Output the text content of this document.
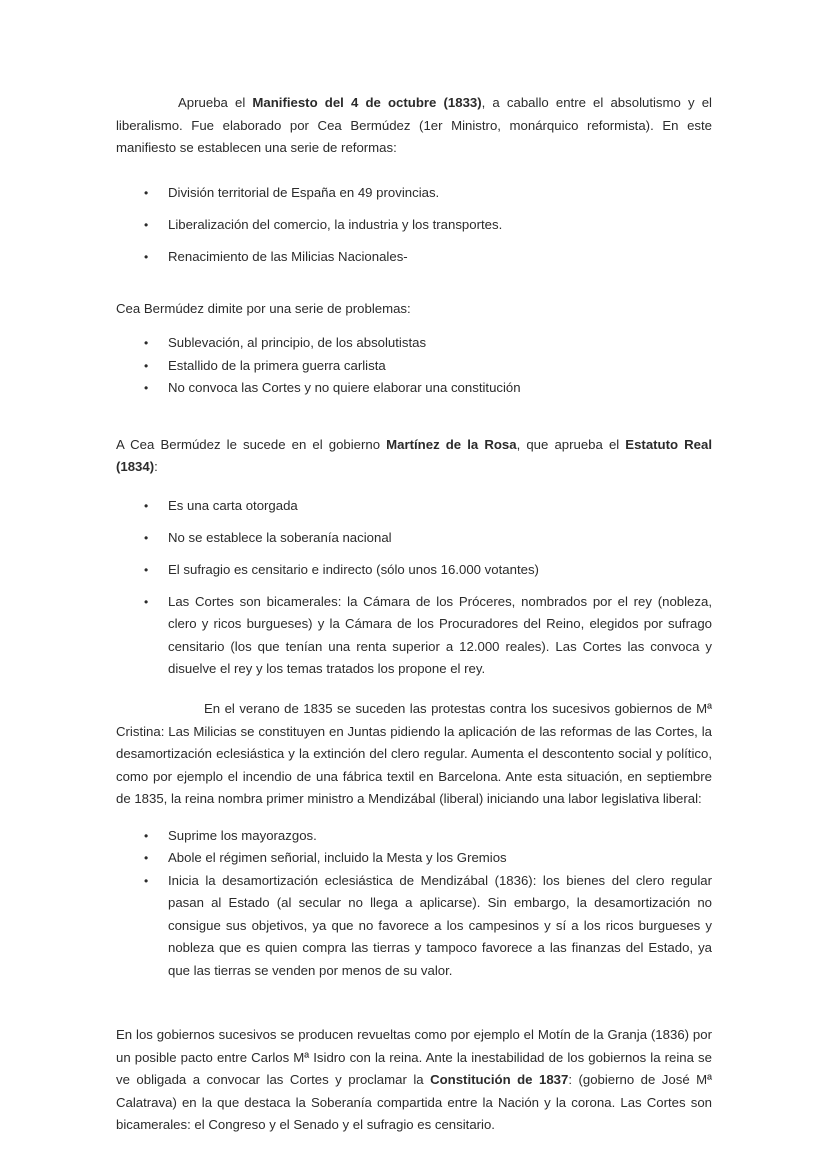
Aprueba el Manifiesto del 4 de octubre (1833), a caballo entre el absolutismo y el liberalismo. Fue elaborado por Cea Bermúdez (1er Ministro, monárquico reformista). En este manifiesto se establecen una serie de reformas:

• División territorial de España en 49 provincias.
• Liberalización del comercio, la industria y los transportes.
• Renacimiento de las Milicias Nacionales-

Cea Bermúdez dimite por una serie de problemas:

• Sublevación, al principio, de los absolutistas
• Estallido de la primera guerra carlista
• No convoca las Cortes y no quiere elaborar una constitución

A Cea Bermúdez le sucede en el gobierno Martínez de la Rosa, que aprueba el Estatuto Real (1834):

• Es una carta otorgada
• No se establece la soberanía nacional
• El sufragio es censitario e indirecto (sólo unos 16.000 votantes)
• Las Cortes son bicamerales: la Cámara de los Próceres, nombrados por el rey (nobleza, clero y ricos burgueses) y la Cámara de los Procuradores del Reino, elegidos por sufrago censitario (los que tenían una renta superior a 12.000 reales). Las Cortes las convoca y disuelve el rey y los temas tratados los propone el rey.

En el verano de 1835 se suceden las protestas contra los sucesivos gobiernos de Mª Cristina: Las Milicias se constituyen en Juntas pidiendo la aplicación de las reformas de las Cortes, la desamortización eclesiástica y la extinción del clero regular. Aumenta el descontento social y político, como por ejemplo el incendio de una fábrica textil en Barcelona. Ante esta situación, en septiembre de 1835, la reina nombra primer ministro a Mendizábal (liberal) iniciando una labor legislativa liberal:

• Suprime los mayorazgos.
• Abole el régimen señorial, incluido la Mesta y los Gremios
• Inicia la desamortización eclesiástica de Mendizábal (1836): los bienes del clero regular pasan al Estado (al secular no llega a aplicarse). Sin embargo, la desamortización no consigue sus objetivos, ya que no favorece a los campesinos y sí a los ricos burgueses y nobleza que es quien compra las tierras y tampoco favorece a las finanzas del Estado, ya que las tierras se venden por menos de su valor.

En los gobiernos sucesivos se producen revueltas como por ejemplo el Motín de la Granja (1836) por un posible pacto entre Carlos Mª Isidro con la reina. Ante la inestabilidad de los gobiernos la reina se ve obligada a convocar las Cortes y proclamar la Constitución de 1837: (gobierno de José Mª Calatrava) en la que destaca la Soberanía compartida entre la Nación y la corona. Las Cortes son bicamerales: el Congreso y el Senado y el sufragio es censitario.
